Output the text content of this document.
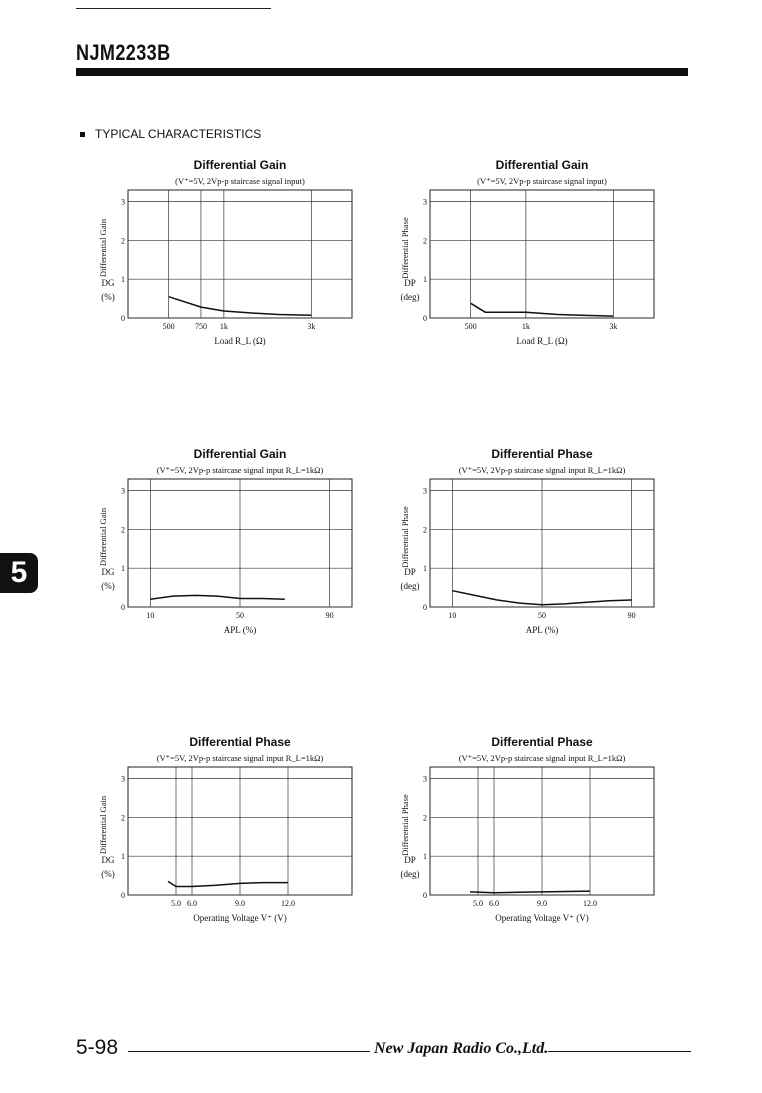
NJM2233B
TYPICAL CHARACTERISTICS
5
Differential Gain
(V⁺=5V, 2Vp-p staircase signal input)
0
1
2
3
500	750 1k	3k
Load R_L (Ω)
Differential Gain
DG
(%)
Differential Gain
(V⁺=5V, 2Vp-p staircase signal input)
0
1
2
3
500	1k	3k
Load R_L (Ω)
Differential Phase
DP
(deg)
Differential Gain
(V⁺=5V, 2Vp-p staircase signal input R_L=1kΩ)
0
1
2
3
10	50	90
APL (%)
Differential Gain
DG
(%)
Differential Phase
(V⁺=5V, 2Vp-p staircase signal input R_L=1kΩ)
0
1
2
3
10	50	90
APL (%)
Differential Phase
DP
(deg)
Differential Phase
(V⁺=5V, 2Vp-p staircase signal input R_L=1kΩ)
0
1
2
3
5.0 6.0	9.0	12.0
Operating Voltage V⁺ (V)
Differential Gain
DG
(%)
Differential Phase
(V⁺=5V, 2Vp-p staircase signal input R_L=1kΩ)
0
1
2
3
5.0 6.0	9.0	12.0
Operating Voltage V⁺ (V)
Differential Phase
DP
(deg)
5-98	New Japan Radio Co.,Ltd.
